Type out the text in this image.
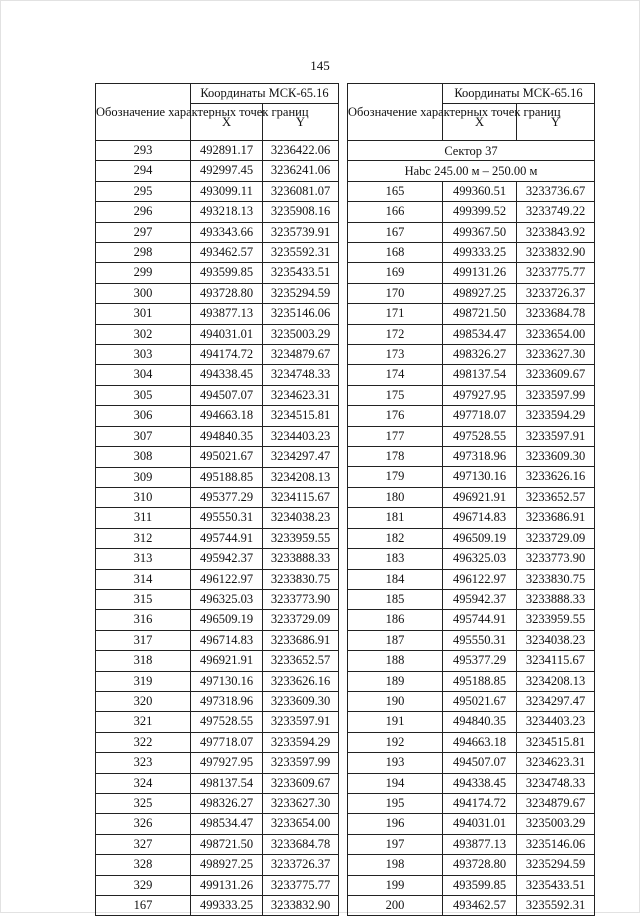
145
Обозначение характерных точек границ	Координаты МСК-65.16	
	X	Y
293	492891.17	3236422.06
294	492997.45	3236241.06
295	493099.11	3236081.07
296	493218.13	3235908.16
297	493343.66	3235739.91
298	493462.57	3235592.31
299	493599.85	3235433.51
300	493728.80	3235294.59
301	493877.13	3235146.06
302	494031.01	3235003.29
303	494174.72	3234879.67
304	494338.45	3234748.33
305	494507.07	3234623.31
306	494663.18	3234515.81
307	494840.35	3234403.23
308	495021.67	3234297.47
309	495188.85	3234208.13
310	495377.29	3234115.67
311	495550.31	3234038.23
312	495744.91	3233959.55
313	495942.37	3233888.33
314	496122.97	3233830.75
315	496325.03	3233773.90
316	496509.19	3233729.09
317	496714.83	3233686.91
318	496921.91	3233652.57
319	497130.16	3233626.16
320	497318.96	3233609.30
321	497528.55	3233597.91
322	497718.07	3233594.29
323	497927.95	3233597.99
324	498137.54	3233609.67
325	498326.27	3233627.30
326	498534.47	3233654.00
327	498721.50	3233684.78
328	498927.25	3233726.37
329	499131.26	3233775.77
167	499333.25	3233832.90
Обозначение характерных точек границ	Координаты МСК-65.16	
	X	Y
Сектор 37		
Нabc 245.00 м – 250.00 м		
165	499360.51	3233736.67
166	499399.52	3233749.22
167	499367.50	3233843.92
168	499333.25	3233832.90
169	499131.26	3233775.77
170	498927.25	3233726.37
171	498721.50	3233684.78
172	498534.47	3233654.00
173	498326.27	3233627.30
174	498137.54	3233609.67
175	497927.95	3233597.99
176	497718.07	3233594.29
177	497528.55	3233597.91
178	497318.96	3233609.30
179	497130.16	3233626.16
180	496921.91	3233652.57
181	496714.83	3233686.91
182	496509.19	3233729.09
183	496325.03	3233773.90
184	496122.97	3233830.75
185	495942.37	3233888.33
186	495744.91	3233959.55
187	495550.31	3234038.23
188	495377.29	3234115.67
189	495188.85	3234208.13
190	495021.67	3234297.47
191	494840.35	3234403.23
192	494663.18	3234515.81
193	494507.07	3234623.31
194	494338.45	3234748.33
195	494174.72	3234879.67
196	494031.01	3235003.29
197	493877.13	3235146.06
198	493728.80	3235294.59
199	493599.85	3235433.51
200	493462.57	3235592.31
